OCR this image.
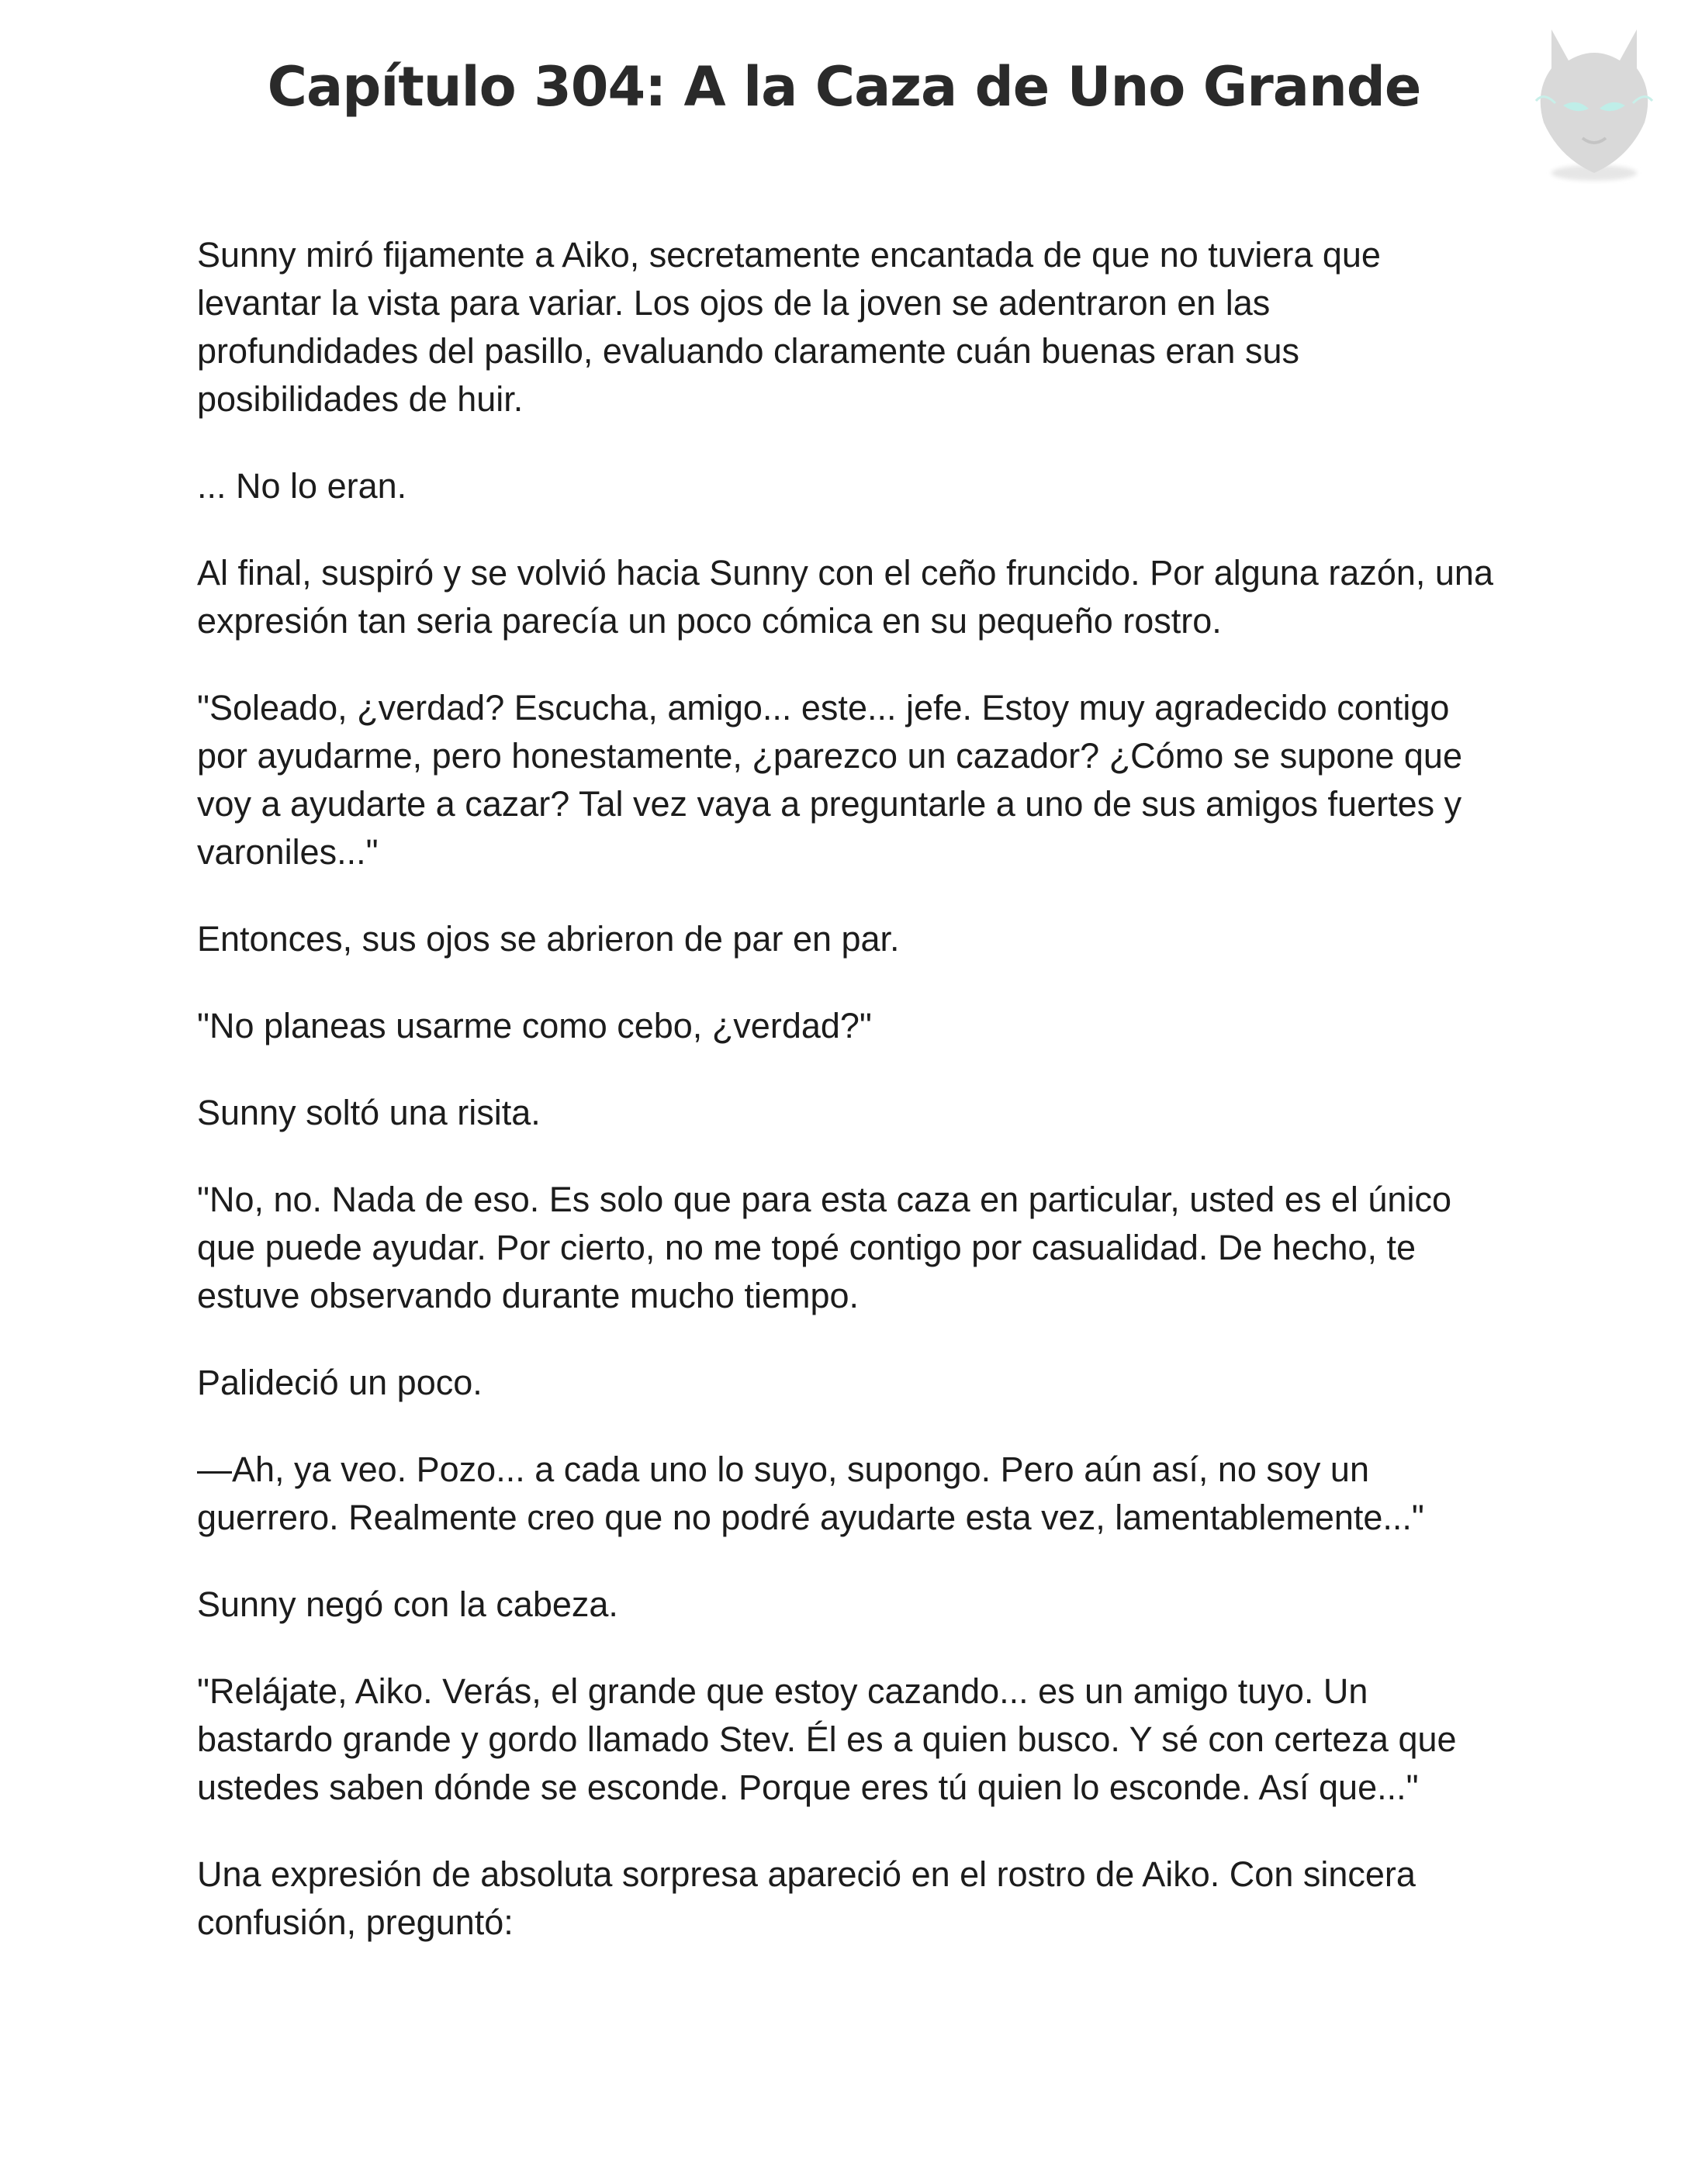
Capítulo 304: A la Caza de Uno Grande

Sunny miró fijamente a Aiko, secretamente encantada de que no tuviera que levantar la vista para variar. Los ojos de la joven se adentraron en las profundidades del pasillo, evaluando claramente cuán buenas eran sus posibilidades de huir.

... No lo eran.

Al final, suspiró y se volvió hacia Sunny con el ceño fruncido. Por alguna razón, una expresión tan seria parecía un poco cómica en su pequeño rostro.

"Soleado, ¿verdad? Escucha, amigo... este... jefe. Estoy muy agradecido contigo por ayudarme, pero honestamente, ¿parezco un cazador? ¿Cómo se supone que voy a ayudarte a cazar? Tal vez vaya a preguntarle a uno de sus amigos fuertes y varoniles..."

Entonces, sus ojos se abrieron de par en par.

"No planeas usarme como cebo, ¿verdad?"

Sunny soltó una risita.

"No, no. Nada de eso. Es solo que para esta caza en particular, usted es el único que puede ayudar. Por cierto, no me topé contigo por casualidad. De hecho, te estuve observando durante mucho tiempo.

Palideció un poco.

—Ah, ya veo. Pozo... a cada uno lo suyo, supongo. Pero aún así, no soy un guerrero. Realmente creo que no podré ayudarte esta vez, lamentablemente..."

Sunny negó con la cabeza.

"Relájate, Aiko. Verás, el grande que estoy cazando... es un amigo tuyo. Un bastardo grande y gordo llamado Stev. Él es a quien busco. Y sé con certeza que ustedes saben dónde se esconde. Porque eres tú quien lo esconde. Así que..."

Una expresión de absoluta sorpresa apareció en el rostro de Aiko. Con sincera confusión, preguntó:
